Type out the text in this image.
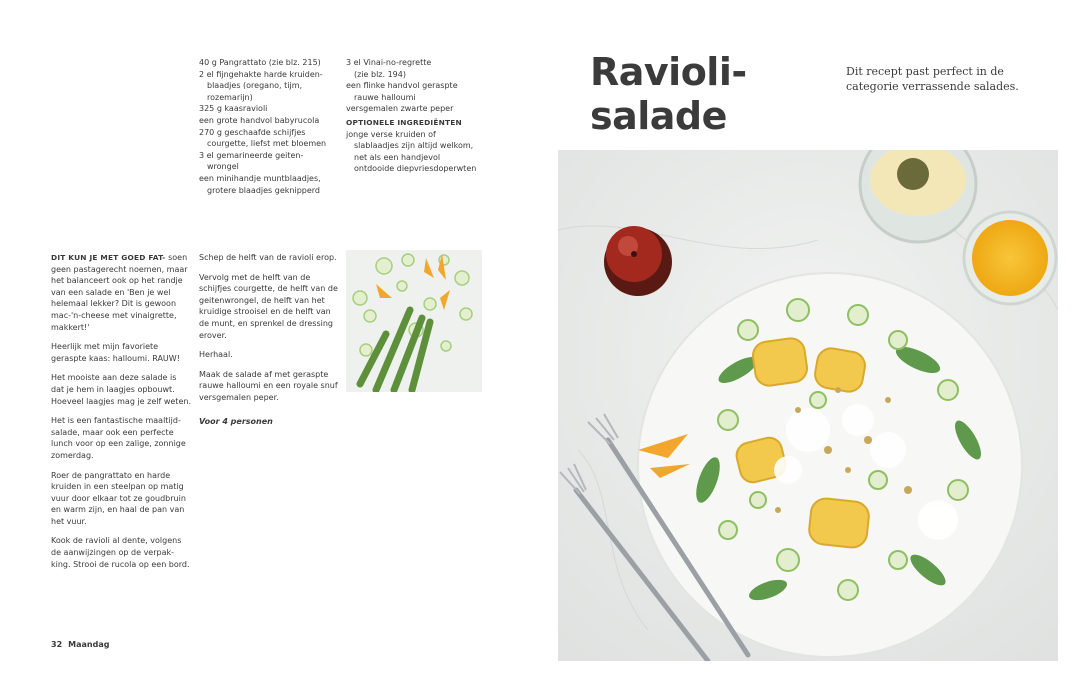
40 g Pangrattato (zie blz. 215)
2 el fijngehakte harde kruiden-
blaadjes (oregano, tijm,
rozemarijn)
325 g kaasravioli
een grote handvol babyrucola
270 g geschaafde schijfjes
courgette, liefst met bloemen
3 el gemarineerde geiten-
wrongel
een minihandje muntblaadjes,
grotere blaadjes geknipperd
3 el Vinai-no-regrette
(zie blz. 194)
een flinke handvol geraspte
rauwe halloumi
versgemalen zwarte peper
OPTIONELE INGREDIËNTEN
jonge verse kruiden of
slablaadjes zijn altijd welkom,
net als een handjevol
ontdooide diepvriesdoperwten

DIT KUN JE MET GOED FAT- soen geen pastagerecht noemen, maar het balanceert ook op het randje van een salade en 'Ben je wel helemaal lekker? Dit is gewoon mac-'n-cheese met vinaigrette, makkert!'

Heerlijk met mijn favoriete geraspte kaas: halloumi. RAUW!

Het mooiste aan deze salade is dat je hem in laagjes opbouwt. Hoeveel laagjes mag je zelf weten.

Het is een fantastische maaltijd-salade, maar ook een perfecte lunch voor op een zalige, zonnige zomerdag.

Roer de pangrattato en harde kruiden in een steelpan op matig vuur door elkaar tot ze goudbruin en warm zijn, en haal de pan van het vuur.

Kook de ravioli al dente, volgens de aanwijzingen op de verpak-king. Strooi de rucola op een bord.

Schep de helft van de ravioli erop.

Vervolg met de helft van de schijfjes courgette, de helft van de geitenwrongel, de helft van het kruidige strooisel en de helft van de munt, en sprenkel de dressing erover.

Herhaal.

Maak de salade af met geraspte rauwe halloumi en een royale snuf versgemalen peper.

Voor 4 personen

Ravioli-
salade
Dit recept past perfect in de categorie verrassende salades.
32 Maandag
